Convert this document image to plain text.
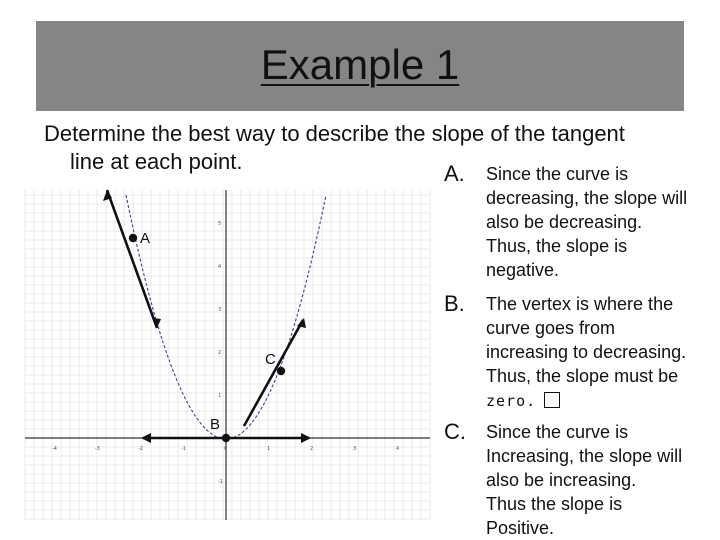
Example 1
Determine the best way to describe the slope of the tangent
line at each point.
-4	-3	-2	-1	0	1	2	3	4
5
4
3
2
1
-1
A
B
C
A. Since the curve is
decreasing, the slope will
also be decreasing.
Thus, the slope is
negative.
B. The vertex is where the
curve goes from
increasing to decreasing.
Thus, the slope must be
zero.
C. Since the curve is
Increasing, the slope will
also be increasing.
Thus the slope is
Positive.
